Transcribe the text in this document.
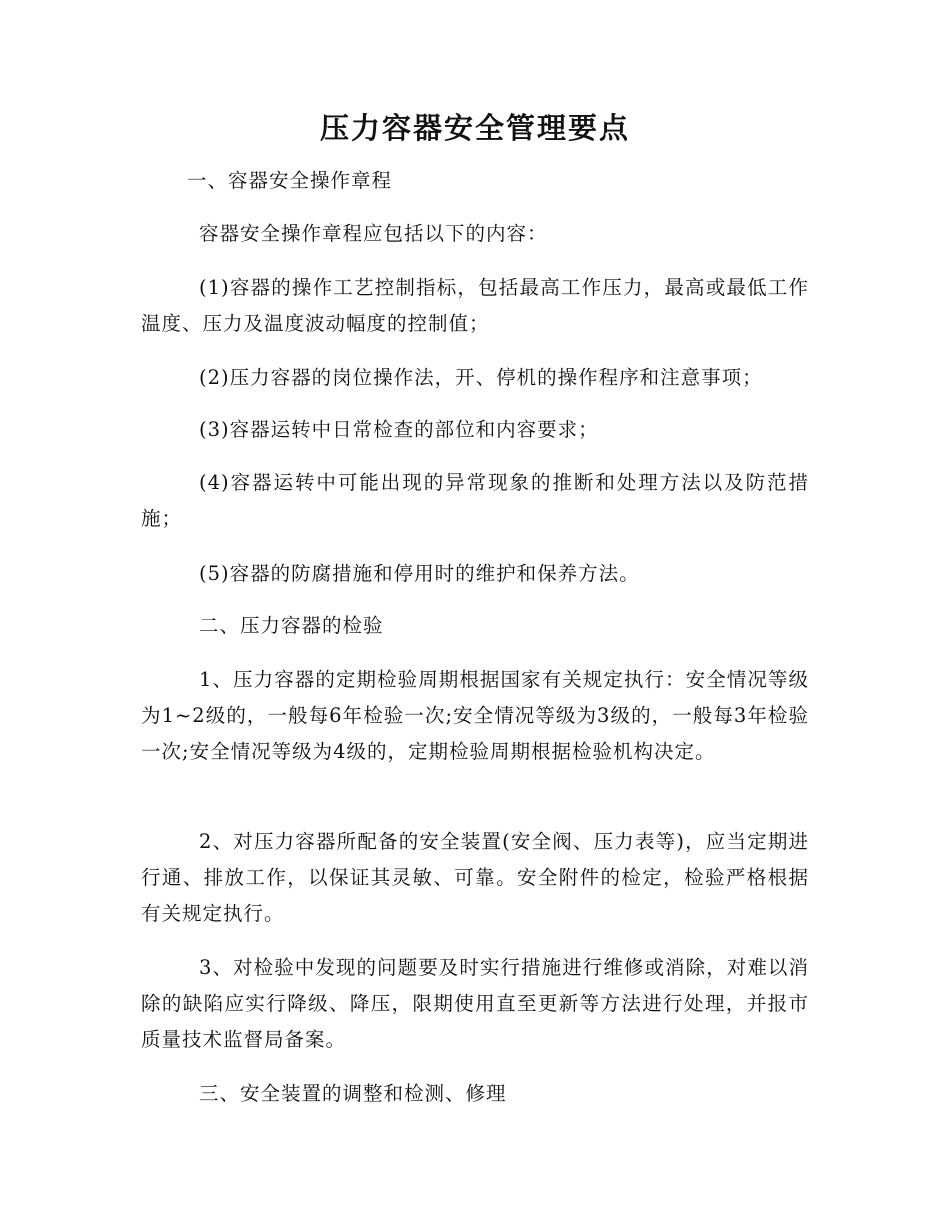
压力容器安全管理要点

一、容器安全操作章程

容器安全操作章程应包括以下的内容：

(1)容器的操作工艺控制指标，包括最高工作压力，最高或最低工作温度、压力及温度波动幅度的控制值；

(2)压力容器的岗位操作法，开、停机的操作程序和注意事项；

(3)容器运转中日常检查的部位和内容要求；

(4)容器运转中可能出现的异常现象的推断和处理方法以及防范措施；

(5)容器的防腐措施和停用时的维护和保养方法。

二、压力容器的检验

1、压力容器的定期检验周期根据国家有关规定执行：安全情况等级为1~2级的，一般每6年检验一次;安全情况等级为3级的，一般每3年检验一次;安全情况等级为4级的，定期检验周期根据检验机构决定。

2、对压力容器所配备的安全装置(安全阀、压力表等)，应当定期进行通、排放工作，以保证其灵敏、可靠。安全附件的检定，检验严格根据有关规定执行。

3、对检验中发现的问题要及时实行措施进行维修或消除，对难以消除的缺陷应实行降级、降压，限期使用直至更新等方法进行处理，并报市质量技术监督局备案。

三、安全装置的调整和检测、修理
